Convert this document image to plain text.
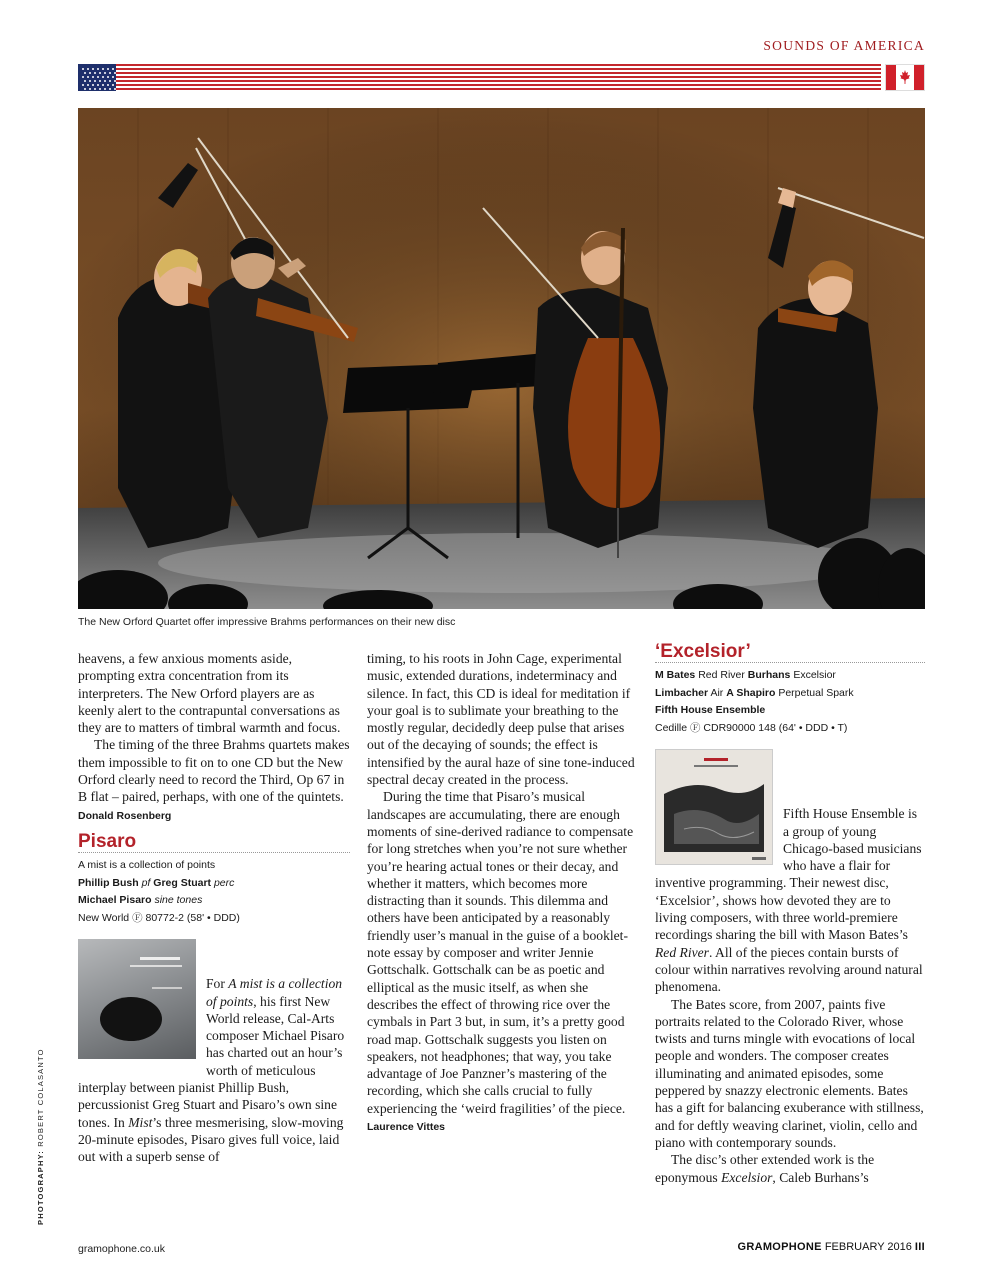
SOUNDS OF AMERICA
The New Orford Quartet offer impressive Brahms performances on their new disc
PHOTOGRAPHY: ROBERT COLASANTO

heavens, a few anxious moments aside, prompting extra concentration from its interpreters. The New Orford players are as keenly alert to the contrapuntal conversations as they are to matters of timbral warmth and focus.

The timing of the three Brahms quartets makes them impossible to fit on to one CD but the New Orford clearly need to record the Third, Op 67 in B flat – paired, perhaps, with one of the quintets.

Donald Rosenberg
Pisaro
A mist is a collection of points
Phillip Bush pf Greg Stuart perc
Michael Pisaro sine tones
New World Ⓕ 80772-2 (58' • DDD)

For A mist is a collection of points, his first New World release, Cal-Arts composer Michael Pisaro has charted out an hour’s worth of meticulous interplay between pianist Phillip Bush, percussionist Greg Stuart and Pisaro’s own sine tones. In Mist’s three mesmerising, slow-moving 20-minute episodes, Pisaro gives full voice, laid out with a superb sense of

timing, to his roots in John Cage, experimental music, extended durations, indeterminacy and silence. In fact, this CD is ideal for meditation if your goal is to sublimate your breathing to the mostly regular, decidedly deep pulse that arises out of the decaying of sounds; the effect is intensified by the aural haze of sine tone-induced spectral decay created in the process.

During the time that Pisaro’s musical landscapes are accumulating, there are enough moments of sine-derived radiance to compensate for long stretches when you’re not sure whether you’re hearing actual tones or their decay, and whether it matters, which becomes more distracting than it sounds. This dilemma and others have been anticipated by a reasonably friendly user’s manual in the guise of a booklet-note essay by composer and writer Jennie Gottschalk. Gottschalk can be as poetic and elliptical as the music itself, as when she describes the effect of throwing rice over the cymbals in Part 3 but, in sum, it’s a pretty good road map. Gottschalk suggests you listen on speakers, not headphones; that way, you take advantage of Joe Panzner’s mastering of the recording, which she calls crucial to fully experiencing the ‘weird fragilities’ of the piece. Laurence Vittes

‘Excelsior’
M Bates Red River Burhans Excelsior
Limbacher Air A Shapiro Perpetual Spark
Fifth House Ensemble
Cedille Ⓕ CDR90000 148 (64' • DDD • T)

Fifth House Ensemble is a group of young Chicago-based musicians who have a flair for inventive programming. Their newest disc, ‘Excelsior’, shows how devoted they are to living composers, with three world-premiere recordings sharing the bill with Mason Bates’s Red River. All of the pieces contain bursts of colour within narratives revolving around natural phenomena.

The Bates score, from 2007, paints five portraits related to the Colorado River, whose twists and turns mingle with evocations of local people and wonders. The composer creates illuminating and animated episodes, some peppered by snazzy electronic elements. Bates has a gift for balancing exuberance with stillness, and for deftly weaving clarinet, violin, cello and piano with contemporary sounds.

The disc’s other extended work is the eponymous Excelsior, Caleb Burhans’s

gramophone.co.uk	GRAMOPHONE FEBRUARY 2016 III
